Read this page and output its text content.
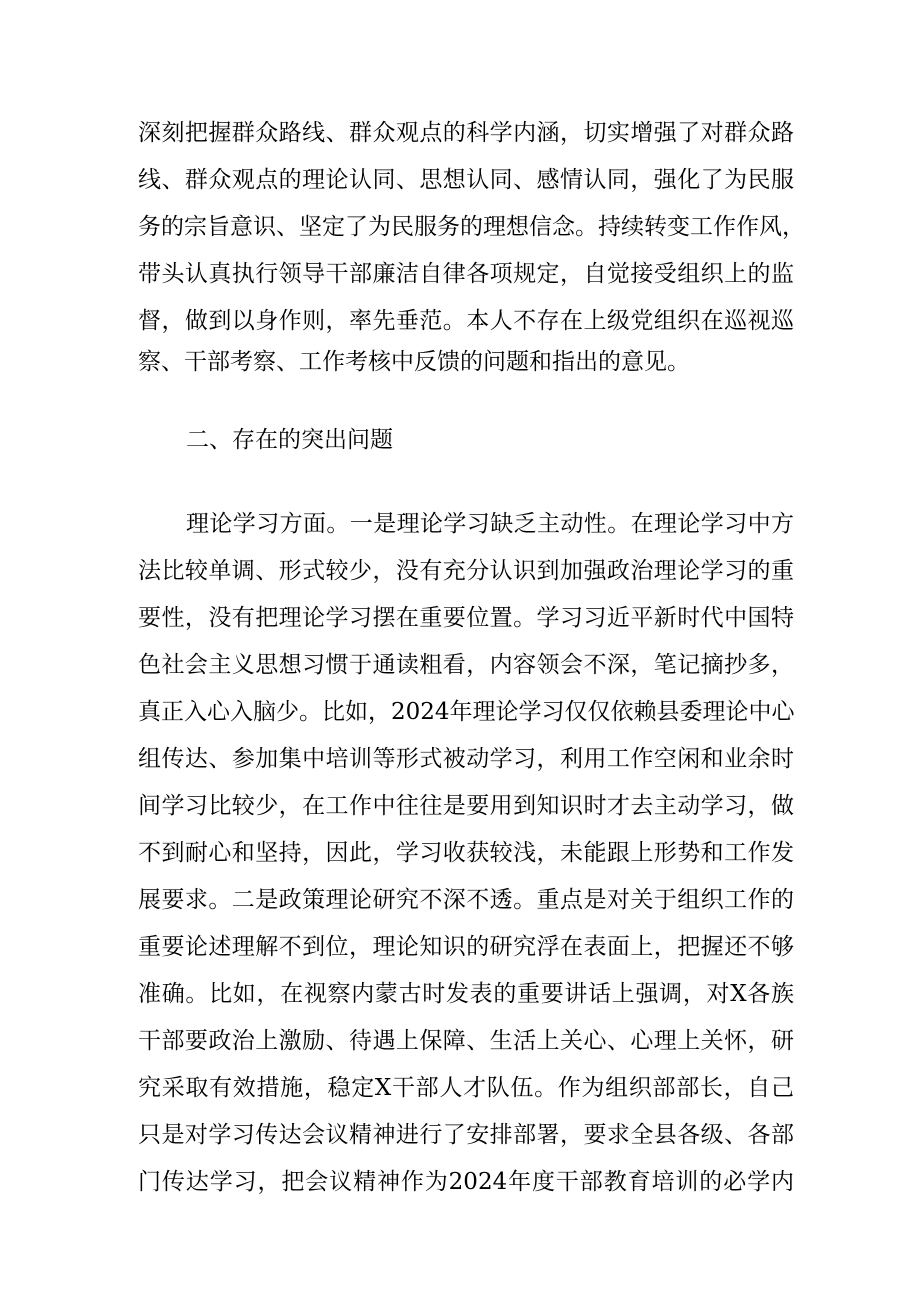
深刻把握群众路线、群众观点的科学内涵，切实增强了对群众路
线、群众观点的理论认同、思想认同、感情认同，强化了为民服
务的宗旨意识、坚定了为民服务的理想信念。持续转变工作作风，
带头认真执行领导干部廉洁自律各项规定，自觉接受组织上的监
督，做到以身作则，率先垂范。本人不存在上级党组织在巡视巡
察、干部考察、工作考核中反馈的问题和指出的意见。
二、存在的突出问题
理论学习方面。一是理论学习缺乏主动性。在理论学习中方
法比较单调、形式较少，没有充分认识到加强政治理论学习的重
要性，没有把理论学习摆在重要位置。学习习近平新时代中国特
色社会主义思想习惯于通读粗看，内容领会不深，笔记摘抄多，
真正入心入脑少。比如，2024年理论学习仅仅依赖县委理论中心
组传达、参加集中培训等形式被动学习，利用工作空闲和业余时
间学习比较少，在工作中往往是要用到知识时才去主动学习，做
不到耐心和坚持，因此，学习收获较浅，未能跟上形势和工作发
展要求。二是政策理论研究不深不透。重点是对关于组织工作的
重要论述理解不到位，理论知识的研究浮在表面上，把握还不够
准确。比如，在视察内蒙古时发表的重要讲话上强调，对X各族
干部要政治上激励、待遇上保障、生活上关心、心理上关怀，研
究采取有效措施，稳定X干部人才队伍。作为组织部部长，自己
只是对学习传达会议精神进行了安排部署，要求全县各级、各部
门传达学习，把会议精神作为2024年度干部教育培训的必学内
